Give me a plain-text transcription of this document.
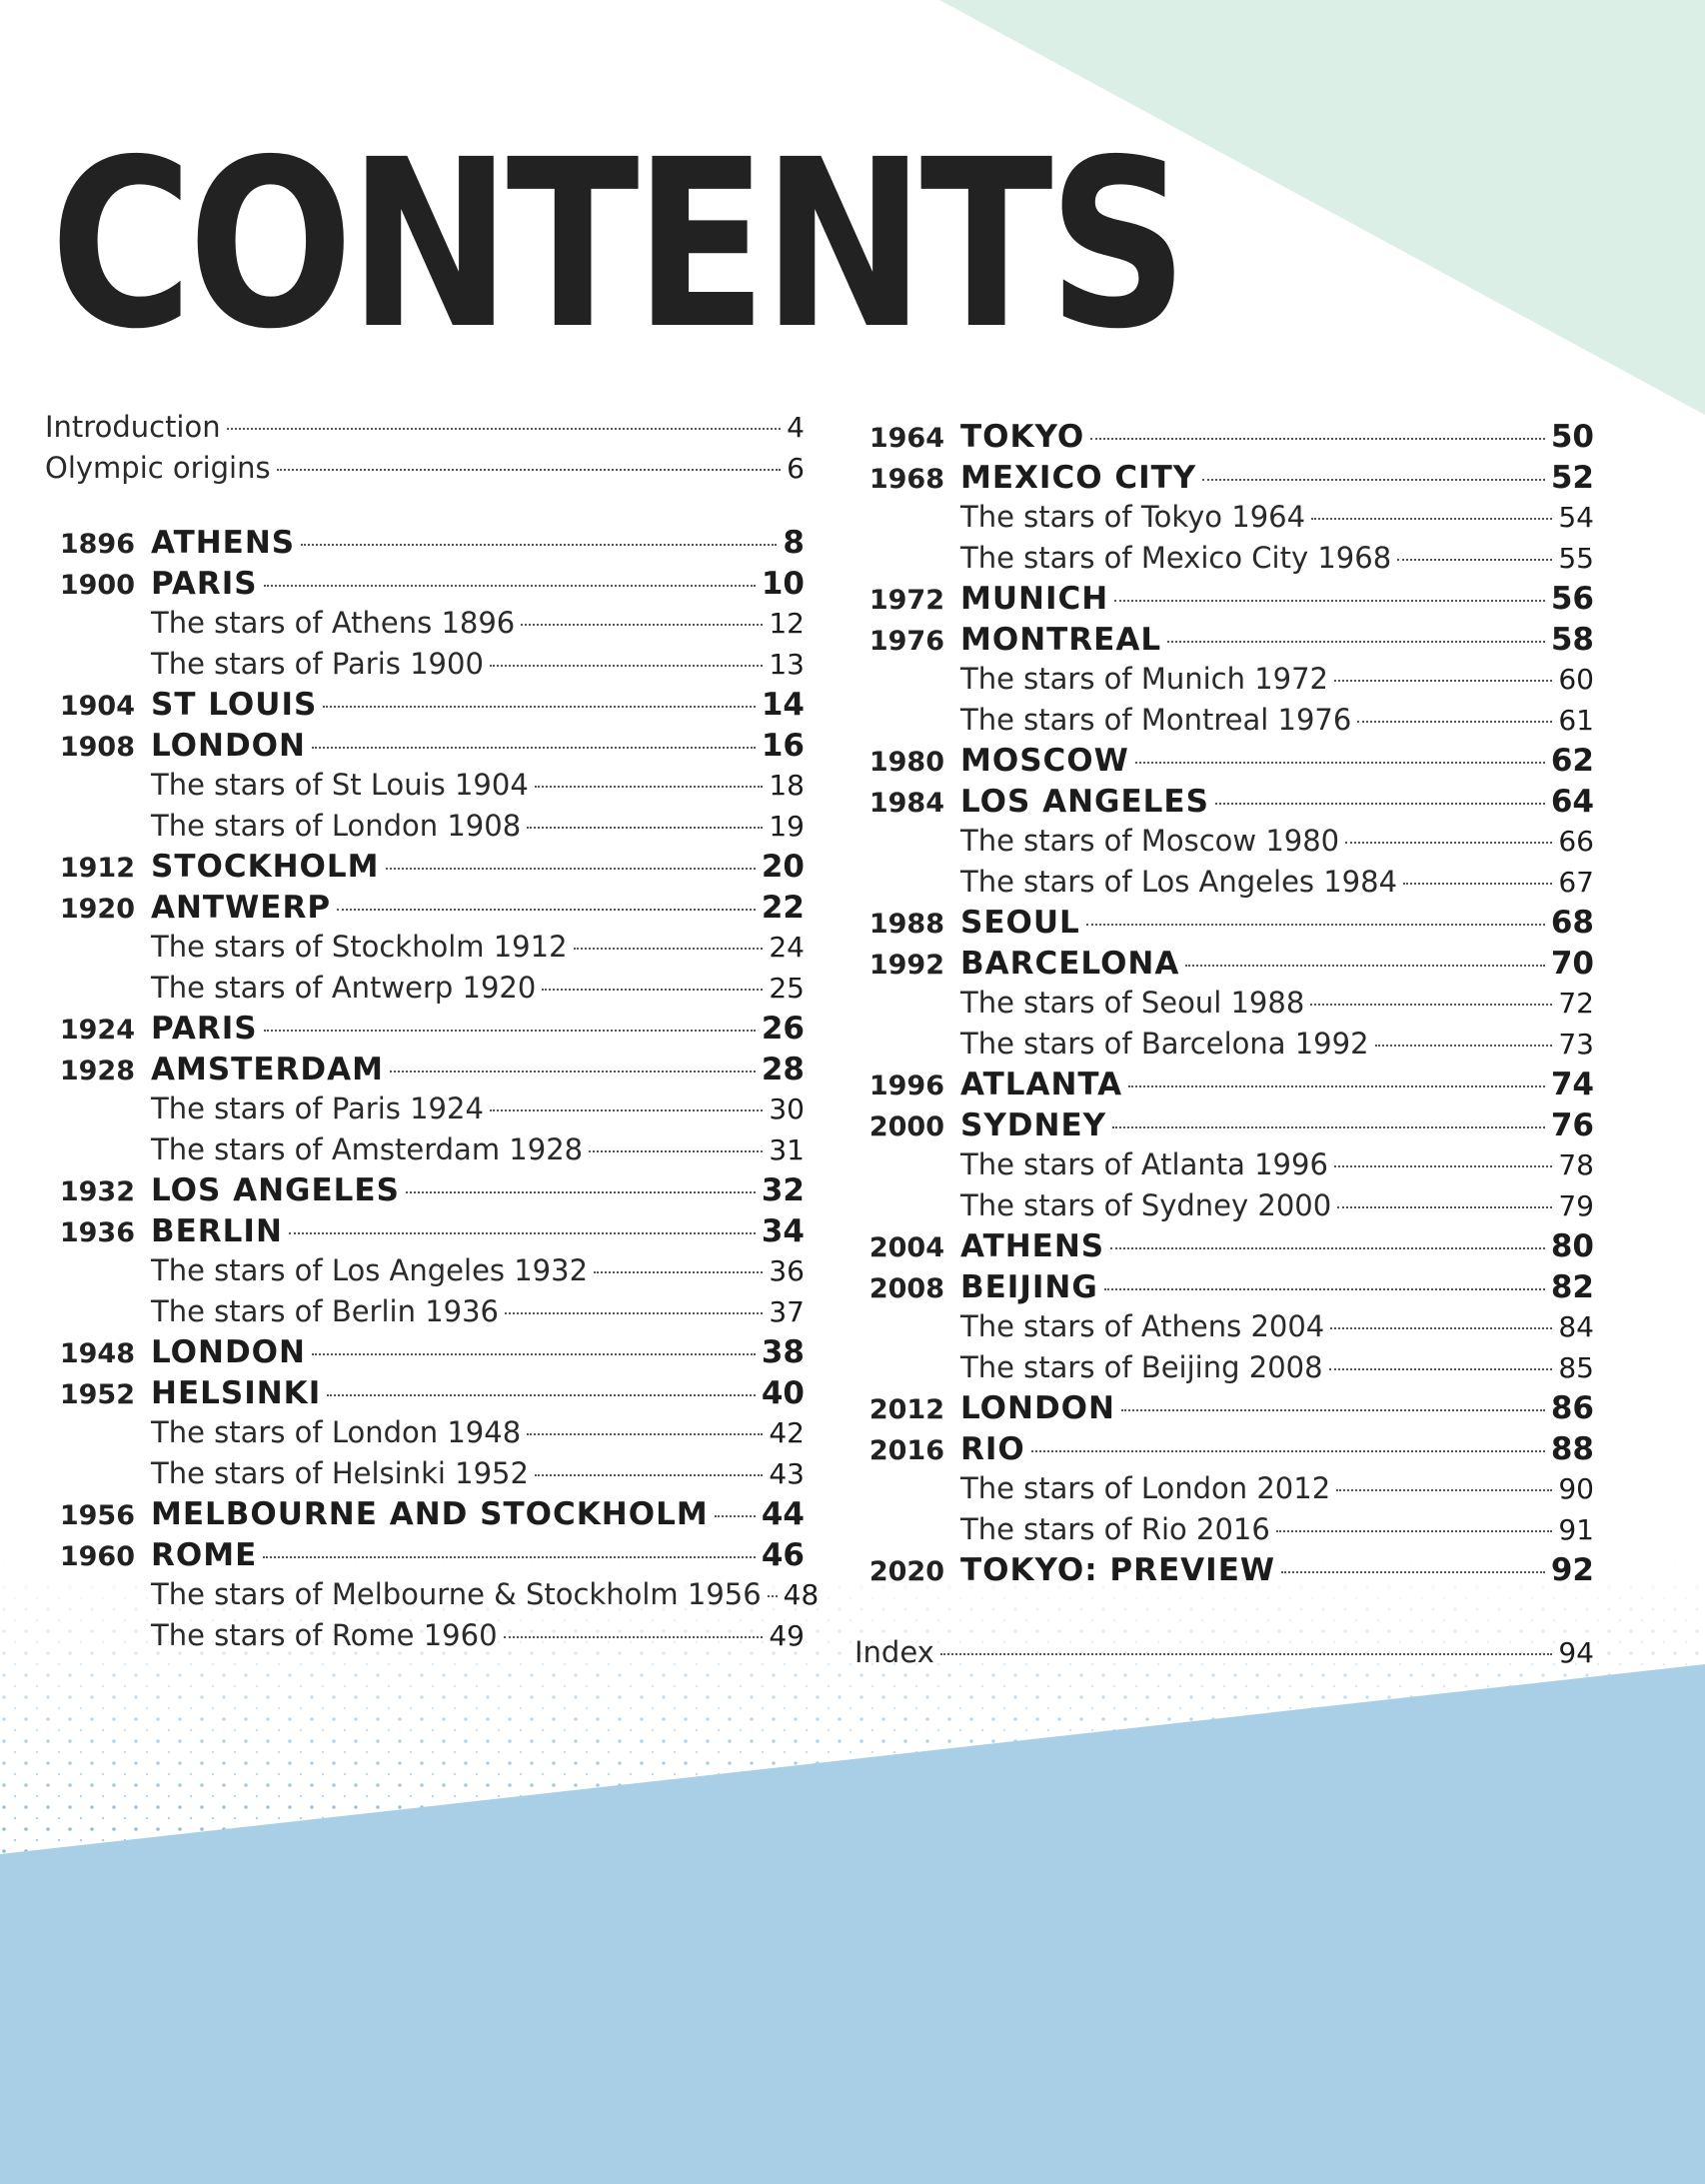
CONTENTS
Introduction	4
Olympic origins	6
1896 ATHENS	8
1900 PARIS	10
The stars of Athens 1896	12
The stars of Paris 1900	13
1904 ST LOUIS	14
1908 LONDON	16
The stars of St Louis 1904	18
The stars of London 1908	19
1912 STOCKHOLM	20
1920 ANTWERP	22
The stars of Stockholm 1912	24
The stars of Antwerp 1920	25
1924 PARIS	26
1928 AMSTERDAM	28
The stars of Paris 1924	30
The stars of Amsterdam 1928	31
1932 LOS ANGELES	32
1936 BERLIN	34
The stars of Los Angeles 1932	36
The stars of Berlin 1936	37
1948 LONDON	38
1952 HELSINKI	40
The stars of London 1948	42
The stars of Helsinki 1952	43
1956 MELBOURNE AND STOCKHOLM 44
1960 ROME	46
The stars of Melbourne & Stockholm 1956 48
The stars of Rome 1960	49
1964 TOKYO	50
1968 MEXICO CITY	52
The stars of Tokyo 1964	54
The stars of Mexico City 1968	55
1972 MUNICH	56
1976 MONTREAL	58
The stars of Munich 1972	60
The stars of Montreal 1976	61
1980 MOSCOW	62
1984 LOS ANGELES	64
The stars of Moscow 1980	66
The stars of Los Angeles 1984	67
1988 SEOUL	68
1992 BARCELONA	70
The stars of Seoul 1988	72
The stars of Barcelona 1992	73
1996 ATLANTA	74
2000 SYDNEY	76
The stars of Atlanta 1996	78
The stars of Sydney 2000	79
2004 ATHENS	80
2008 BEIJING	82
The stars of Athens 2004	84
The stars of Beijing 2008	85
2012 LONDON	86
2016 RIO	88
The stars of London 2012	90
The stars of Rio 2016	91
2020 TOKYO: PREVIEW	92
Index	94
